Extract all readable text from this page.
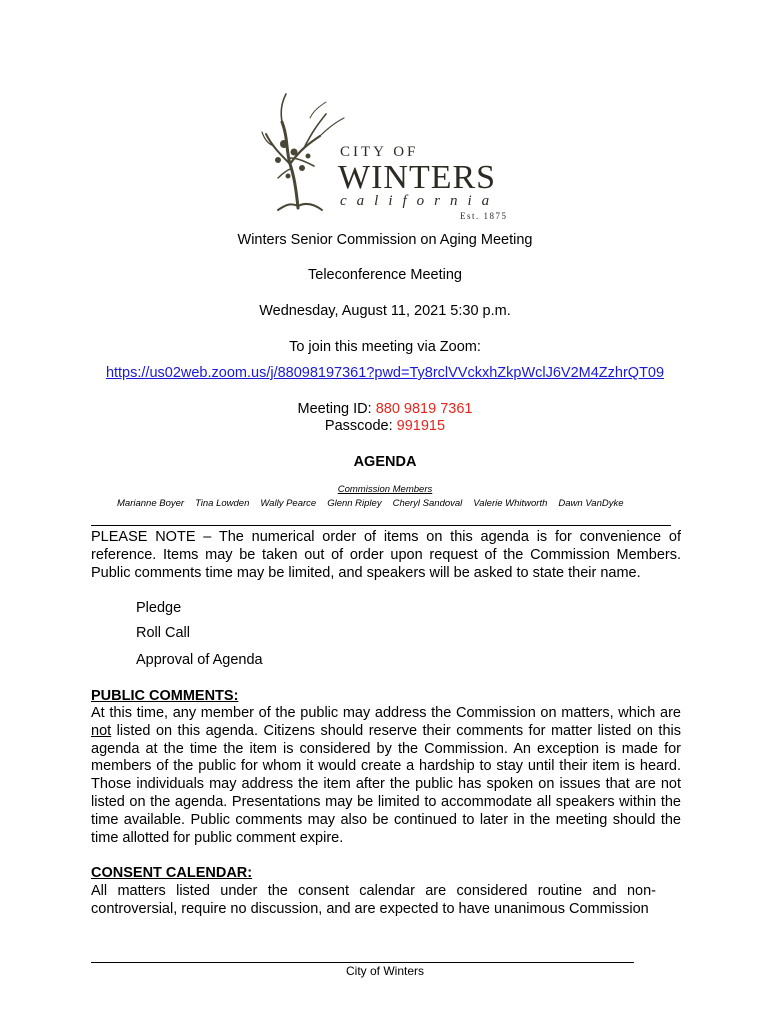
CITY OF
WINTERS
california
Est. 1875
Winters Senior Commission on Aging Meeting
Teleconference Meeting
Wednesday, August 11, 2021 5:30 p.m.
To join this meeting via Zoom:
https://us02web.zoom.us/j/88098197361?pwd=Ty8rclVVckxhZkpWclJ6V2M4ZzhrQT09
Meeting ID: 880 9819 7361
Passcode: 991915
AGENDA
Commission Members
Marianne Boyer Tina Lowden Wally Pearce Glenn Ripley Cheryl Sandoval Valerie Whitworth Dawn VanDyke
PLEASE NOTE – The numerical order of items on this agenda is for convenience of reference. Items may be taken out of order upon request of the Commission Members. Public comments time may be limited, and speakers will be asked to state their name.
Pledge
Roll Call
Approval of Agenda
PUBLIC COMMENTS:
At this time, any member of the public may address the Commission on matters, which are not listed on this agenda. Citizens should reserve their comments for matter listed on this agenda at the time the item is considered by the Commission. An exception is made for members of the public for whom it would create a hardship to stay until their item is heard. Those individuals may address the item after the public has spoken on issues that are not listed on the agenda. Presentations may be limited to accommodate all speakers within the time available. Public comments may also be continued to later in the meeting should the time allotted for public comment expire.
CONSENT CALENDAR:
All matters listed under the consent calendar are considered routine and non-controversial, require no discussion, and are expected to have unanimous Commission
City of Winters
